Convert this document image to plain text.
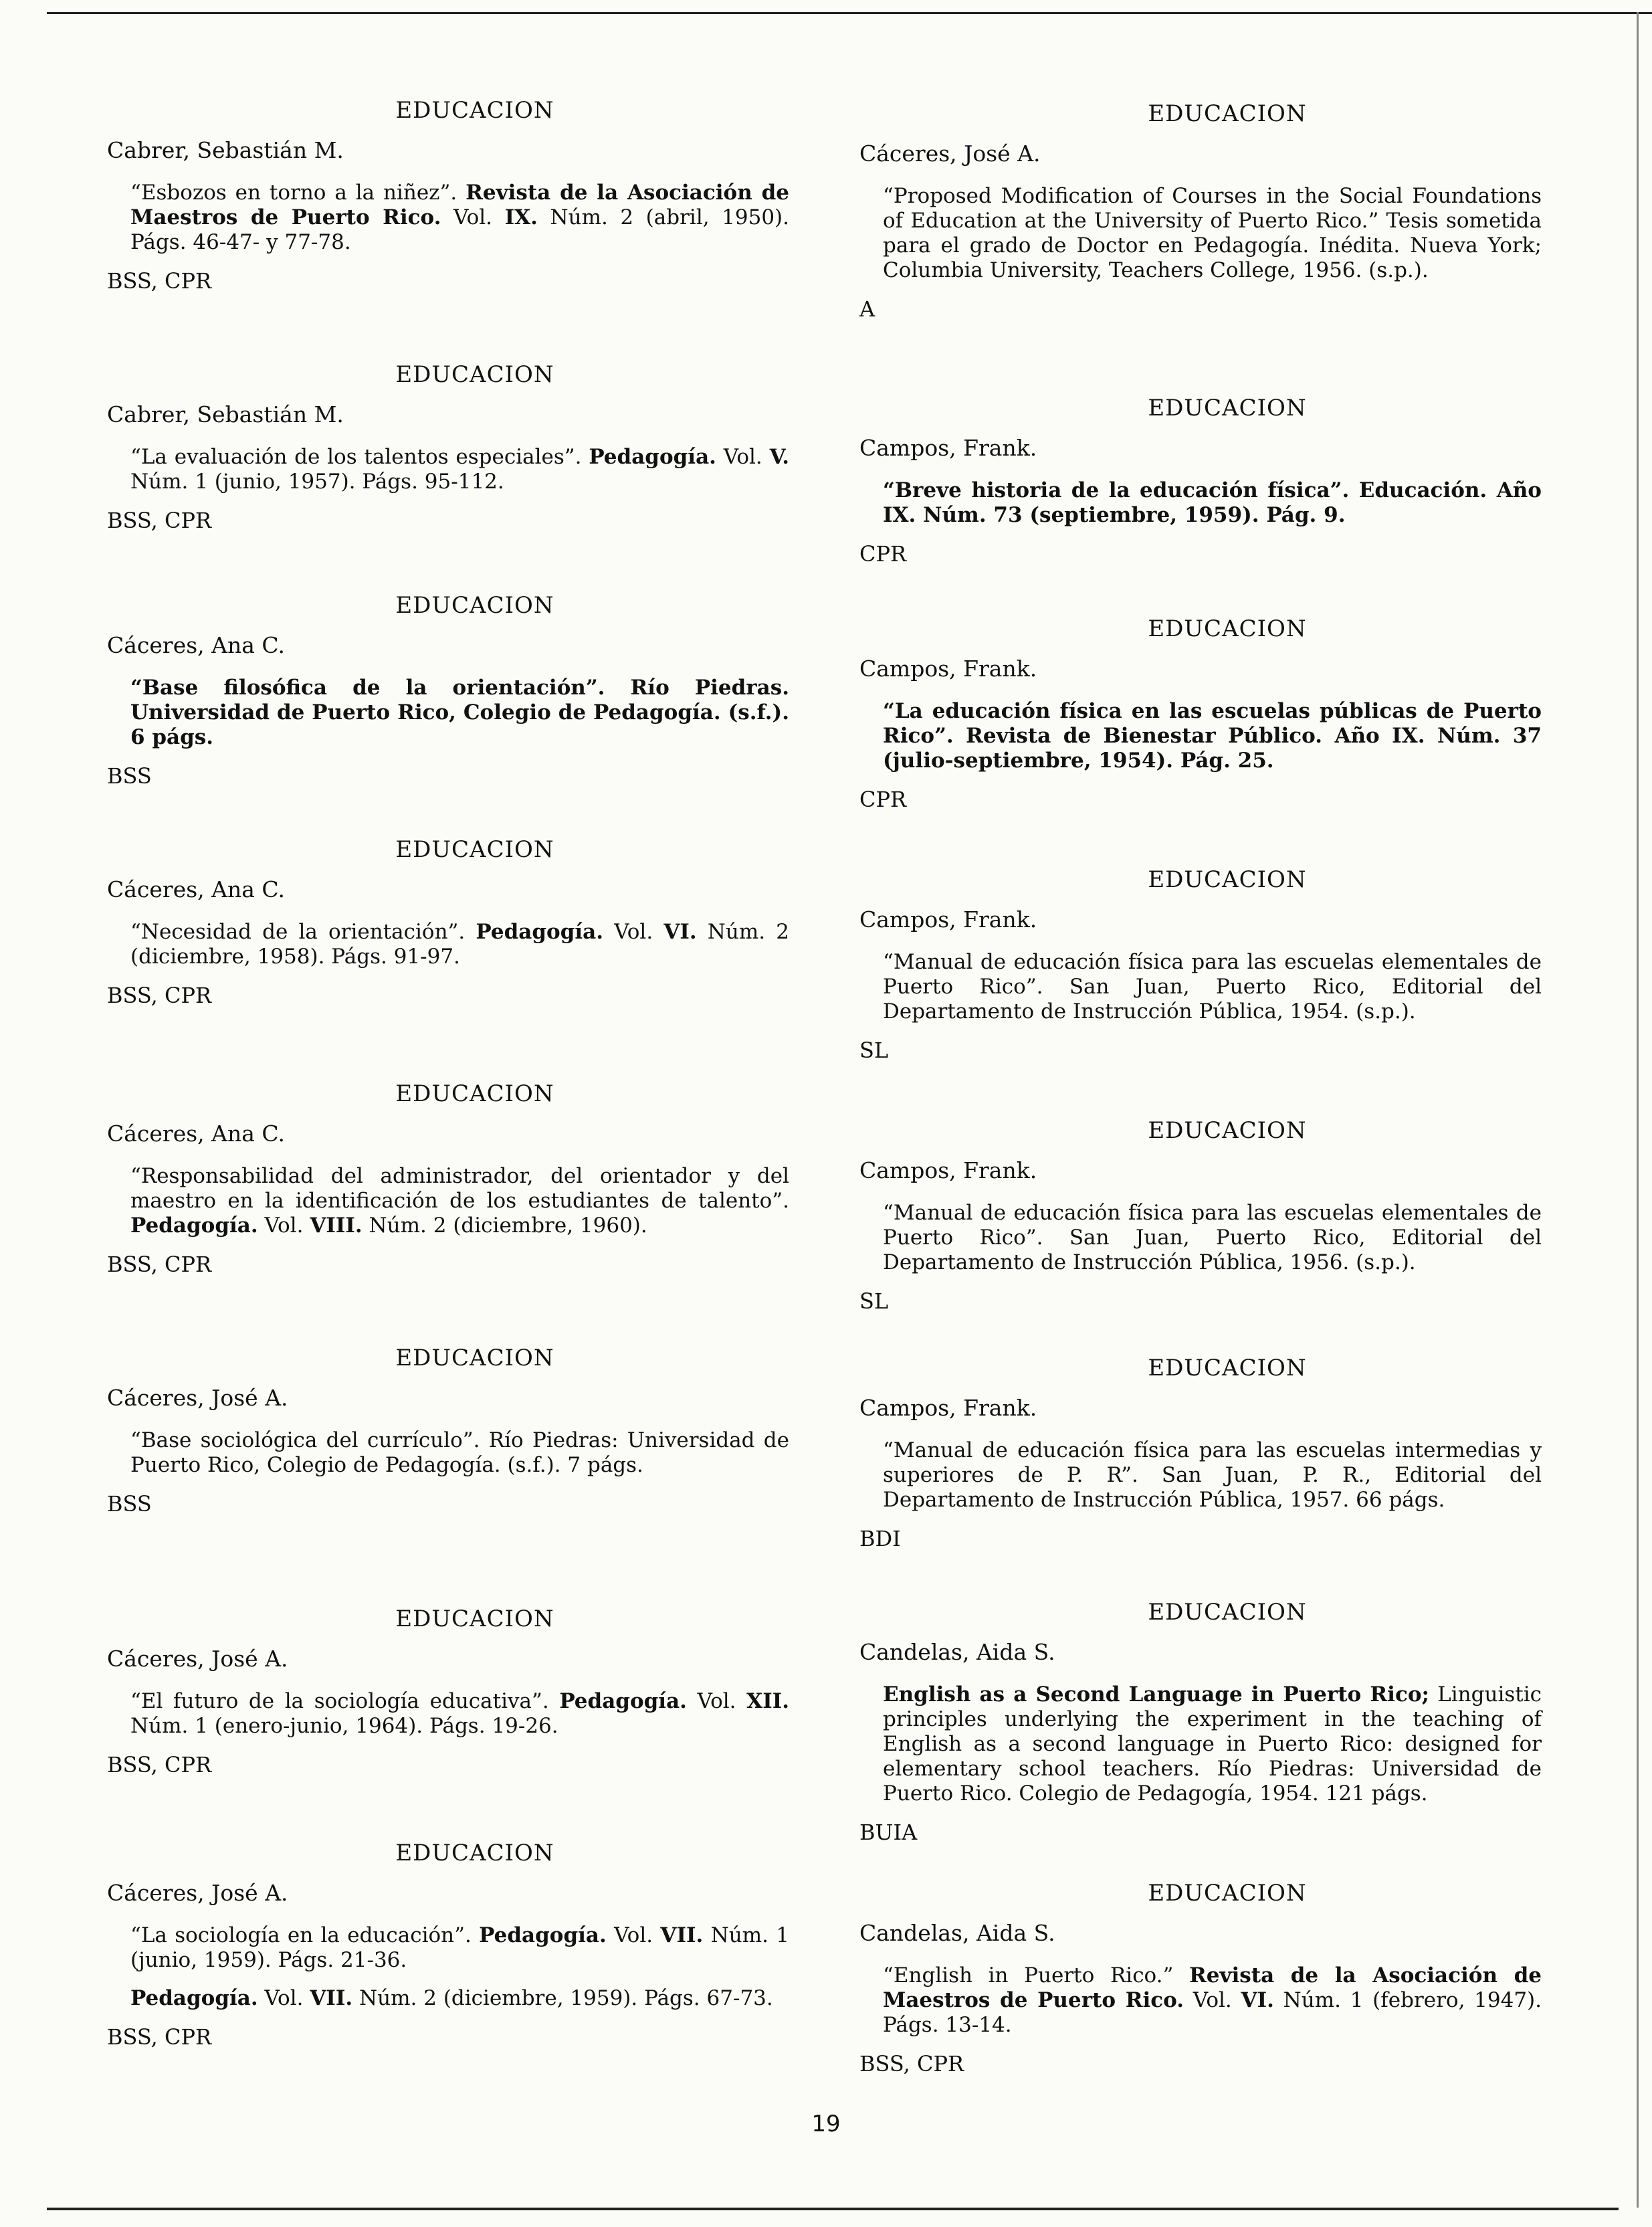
EDUCACION
Cabrer, Sebastián M.

“Esbozos en torno a la niñez”. Revista de la Asociación de Maestros de Puerto Rico. Vol. IX. Núm. 2 (abril, 1950). Págs. 46-47- y 77-78.

BSS, CPR
EDUCACION
Cabrer, Sebastián M.

“La evaluación de los talentos especiales”. Pedagogía. Vol. V. Núm. 1 (junio, 1957). Págs. 95-112.

BSS, CPR
EDUCACION
Cáceres, Ana C.

“Base filosófica de la orientación”. Río Piedras. Universidad de Puerto Rico, Colegio de Pedagogía. (s.f.). 6 págs.

BSS
EDUCACION
Cáceres, Ana C.

“Necesidad de la orientación”. Pedagogía. Vol. VI. Núm. 2 (diciembre, 1958). Págs. 91-97.

BSS, CPR
EDUCACION
Cáceres, Ana C.

“Responsabilidad del administrador, del orientador y del maestro en la identificación de los estudiantes de talento”. Pedagogía. Vol. VIII. Núm. 2 (diciembre, 1960).

BSS, CPR
EDUCACION
Cáceres, José A.

“Base sociológica del currículo”. Río Piedras: Universidad de Puerto Rico, Colegio de Pedagogía. (s.f.). 7 págs.

BSS
EDUCACION
Cáceres, José A.

“El futuro de la sociología educativa”. Pedagogía. Vol. XII. Núm. 1 (enero-junio, 1964). Págs. 19-26.

BSS, CPR
EDUCACION
Cáceres, José A.

“La sociología en la educación”. Pedagogía. Vol. VII. Núm. 1 (junio, 1959). Págs. 21-36.

Pedagogía. Vol. VII. Núm. 2 (diciembre, 1959). Págs. 67-73.

BSS, CPR
EDUCACION
Cáceres, José A.

“Proposed Modification of Courses in the Social Foundations of Education at the University of Puerto Rico.” Tesis sometida para el grado de Doctor en Pedagogía. Inédita. Nueva York; Columbia University, Teachers College, 1956. (s.p.).

A
EDUCACION
Campos, Frank.

“Breve historia de la educación física”. Educación. Año IX. Núm. 73 (septiembre, 1959). Pág. 9.

CPR
EDUCACION
Campos, Frank.

“La educación física en las escuelas públicas de Puerto Rico”. Revista de Bienestar Público. Año IX. Núm. 37 (julio-septiembre, 1954). Pág. 25.

CPR
EDUCACION
Campos, Frank.

“Manual de educación física para las escuelas elementales de Puerto Rico”. San Juan, Puerto Rico, Editorial del Departamento de Instrucción Pública, 1954. (s.p.).

SL
EDUCACION
Campos, Frank.

“Manual de educación física para las escuelas elementales de Puerto Rico”. San Juan, Puerto Rico, Editorial del Departamento de Instrucción Pública, 1956. (s.p.).

SL
EDUCACION
Campos, Frank.

“Manual de educación física para las escuelas intermedias y superiores de P. R”. San Juan, P. R., Editorial del Departamento de Instrucción Pública, 1957. 66 págs.

BDI
EDUCACION
Candelas, Aida S.

English as a Second Language in Puerto Rico; Linguistic principles underlying the experiment in the teaching of English as a second language in Puerto Rico: designed for elementary school teachers. Río Piedras: Universidad de Puerto Rico. Colegio de Pedagogía, 1954. 121 págs.

BUIA
EDUCACION
Candelas, Aida S.

“English in Puerto Rico.” Revista de la Asociación de Maestros de Puerto Rico. Vol. VI. Núm. 1 (febrero, 1947). Págs. 13-14.

BSS, CPR
19
